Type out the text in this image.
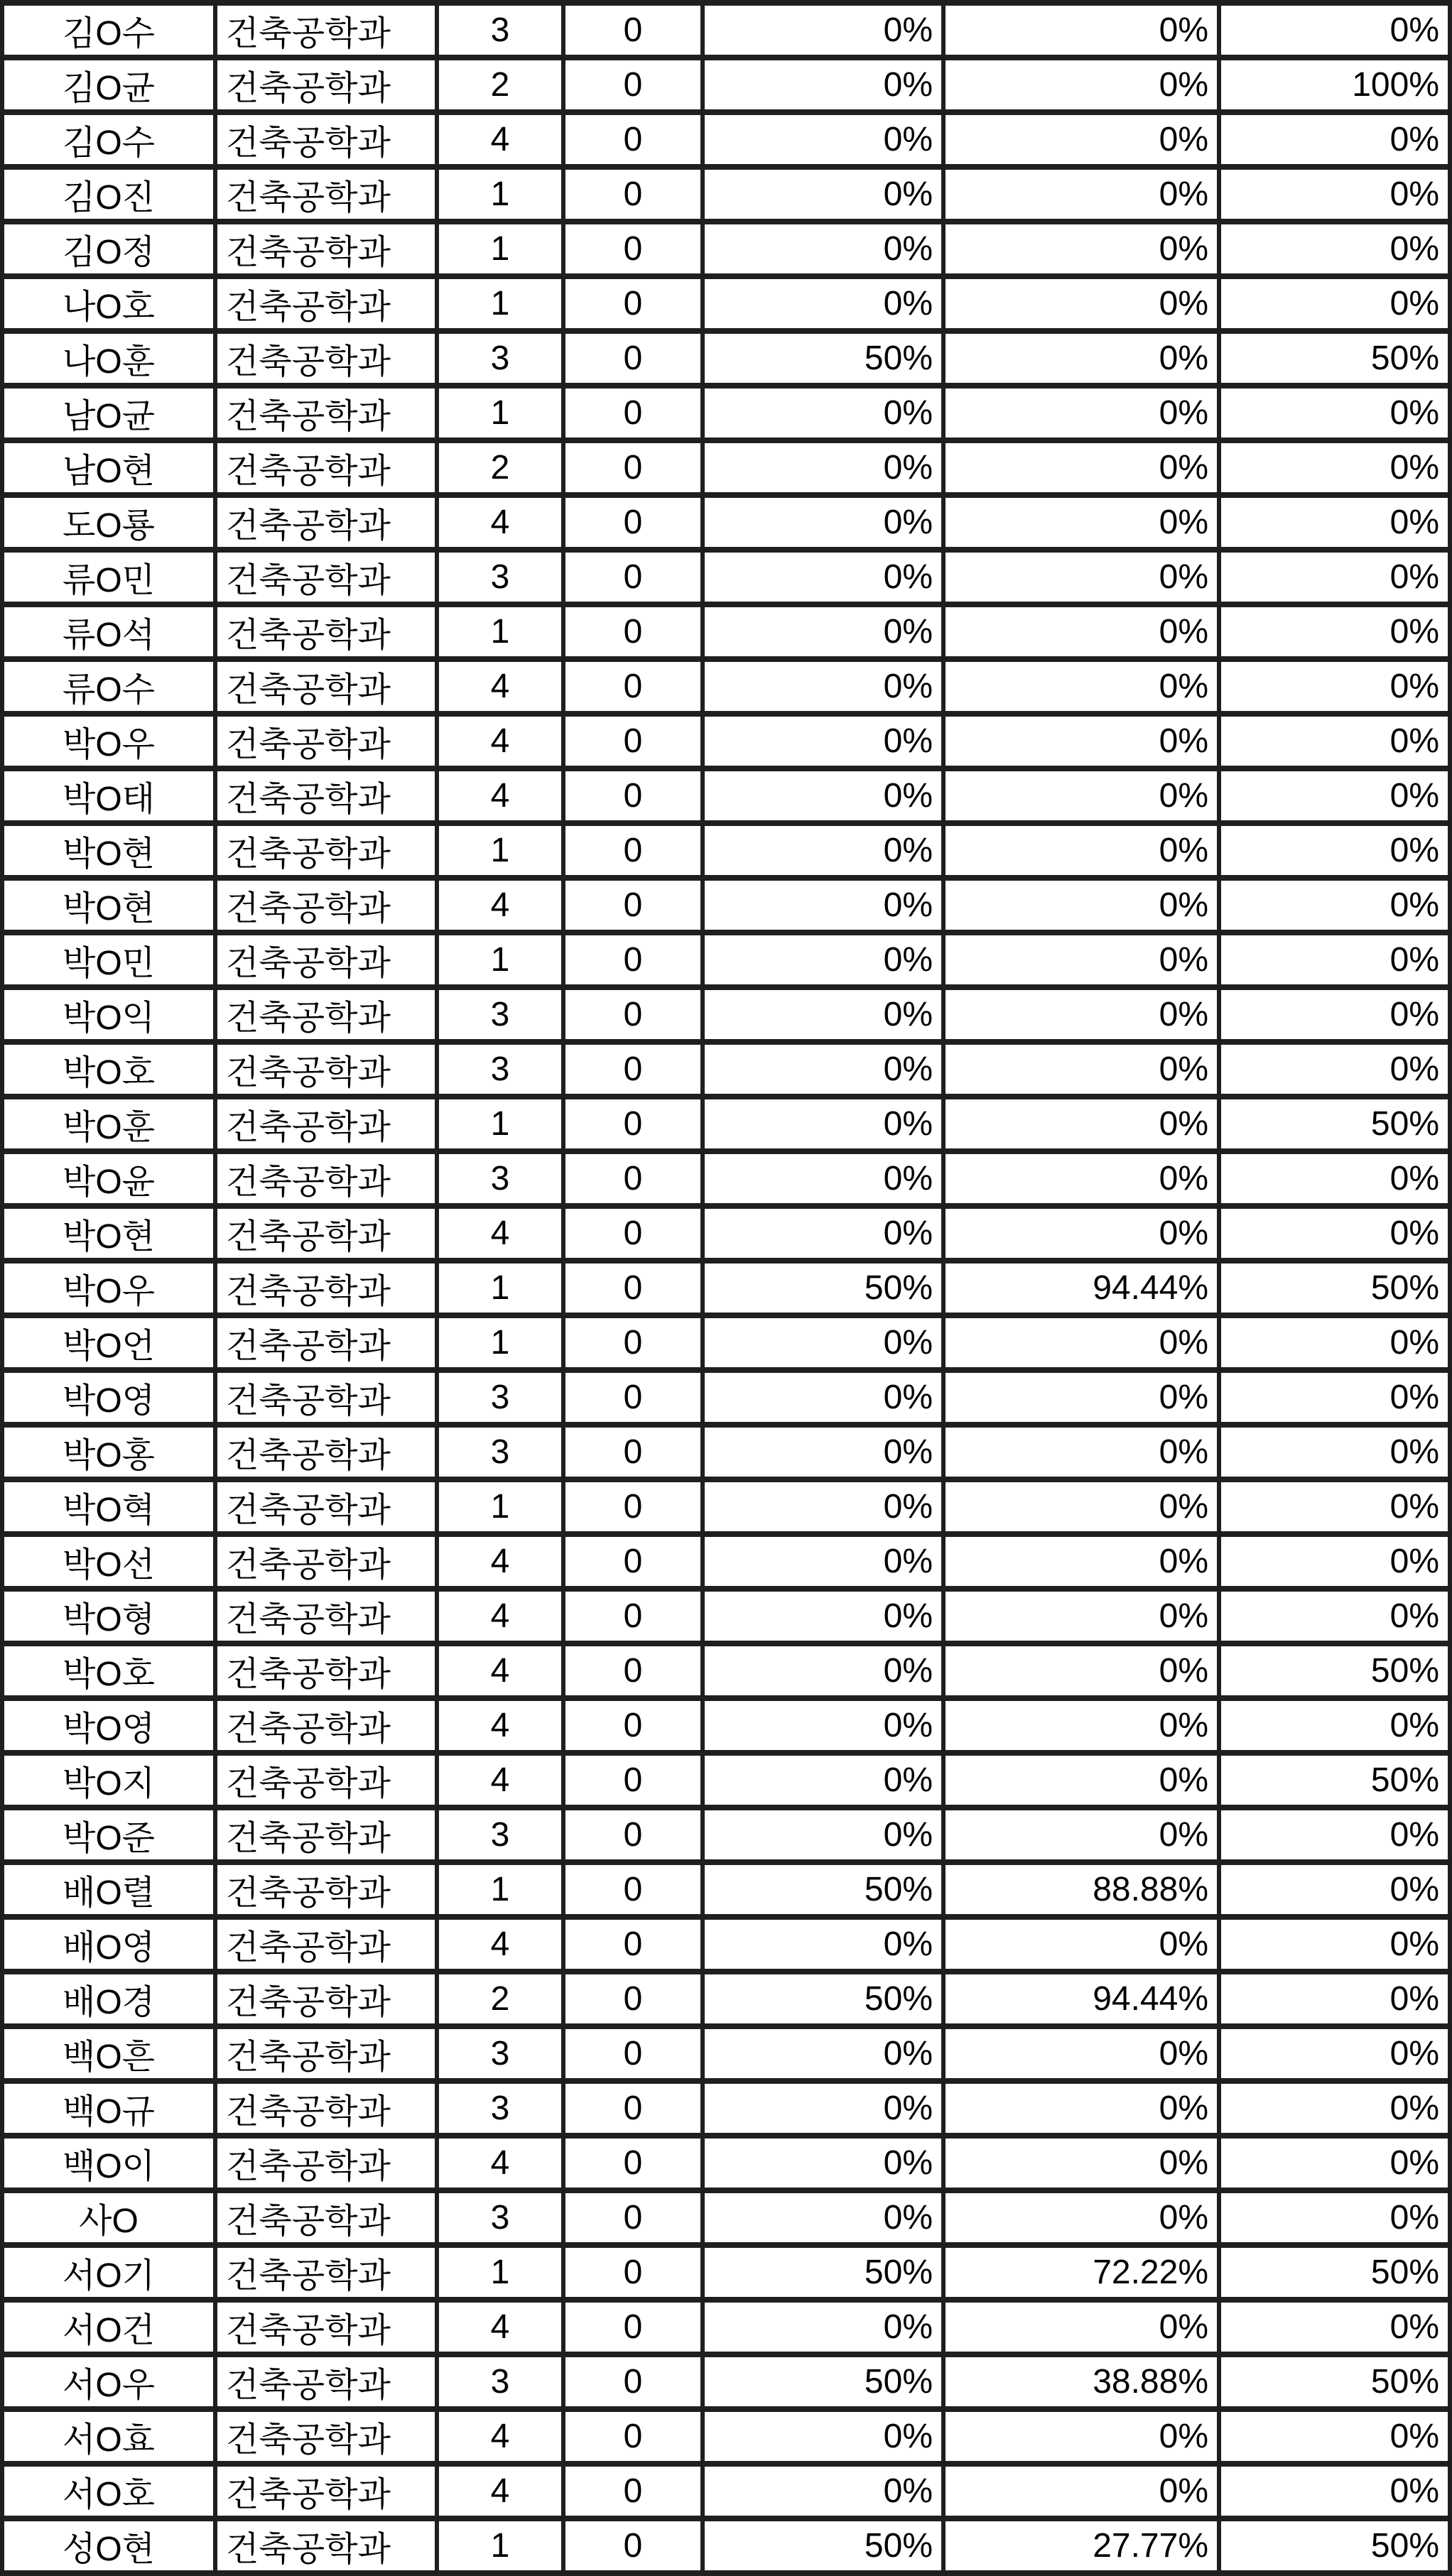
김O수	건축공학과	3	0	0%	0%	0%
김O균	건축공학과	2	0	0%	0%	100%
김O수	건축공학과	4	0	0%	0%	0%
김O진	건축공학과	1	0	0%	0%	0%
김O정	건축공학과	1	0	0%	0%	0%
나O호	건축공학과	1	0	0%	0%	0%
나O훈	건축공학과	3	0	50%	0%	50%
남O균	건축공학과	1	0	0%	0%	0%
남O현	건축공학과	2	0	0%	0%	0%
도O룡	건축공학과	4	0	0%	0%	0%
류O민	건축공학과	3	0	0%	0%	0%
류O석	건축공학과	1	0	0%	0%	0%
류O수	건축공학과	4	0	0%	0%	0%
박O우	건축공학과	4	0	0%	0%	0%
박O태	건축공학과	4	0	0%	0%	0%
박O현	건축공학과	1	0	0%	0%	0%
박O현	건축공학과	4	0	0%	0%	0%
박O민	건축공학과	1	0	0%	0%	0%
박O익	건축공학과	3	0	0%	0%	0%
박O호	건축공학과	3	0	0%	0%	0%
박O훈	건축공학과	1	0	0%	0%	50%
박O윤	건축공학과	3	0	0%	0%	0%
박O현	건축공학과	4	0	0%	0%	0%
박O우	건축공학과	1	0	50%	94.44%	50%
박O언	건축공학과	1	0	0%	0%	0%
박O영	건축공학과	3	0	0%	0%	0%
박O홍	건축공학과	3	0	0%	0%	0%
박O혁	건축공학과	1	0	0%	0%	0%
박O선	건축공학과	4	0	0%	0%	0%
박O형	건축공학과	4	0	0%	0%	0%
박O호	건축공학과	4	0	0%	0%	50%
박O영	건축공학과	4	0	0%	0%	0%
박O지	건축공학과	4	0	0%	0%	50%
박O준	건축공학과	3	0	0%	0%	0%
배O렬	건축공학과	1	0	50%	88.88%	0%
배O영	건축공학과	4	0	0%	0%	0%
배O경	건축공학과	2	0	50%	94.44%	0%
백O흔	건축공학과	3	0	0%	0%	0%
백O규	건축공학과	3	0	0%	0%	0%
백O이	건축공학과	4	0	0%	0%	0%
사O	건축공학과	3	0	0%	0%	0%
서O기	건축공학과	1	0	50%	72.22%	50%
서O건	건축공학과	4	0	0%	0%	0%
서O우	건축공학과	3	0	50%	38.88%	50%
서O효	건축공학과	4	0	0%	0%	0%
서O호	건축공학과	4	0	0%	0%	0%
성O현	건축공학과	1	0	50%	27.77%	50%
